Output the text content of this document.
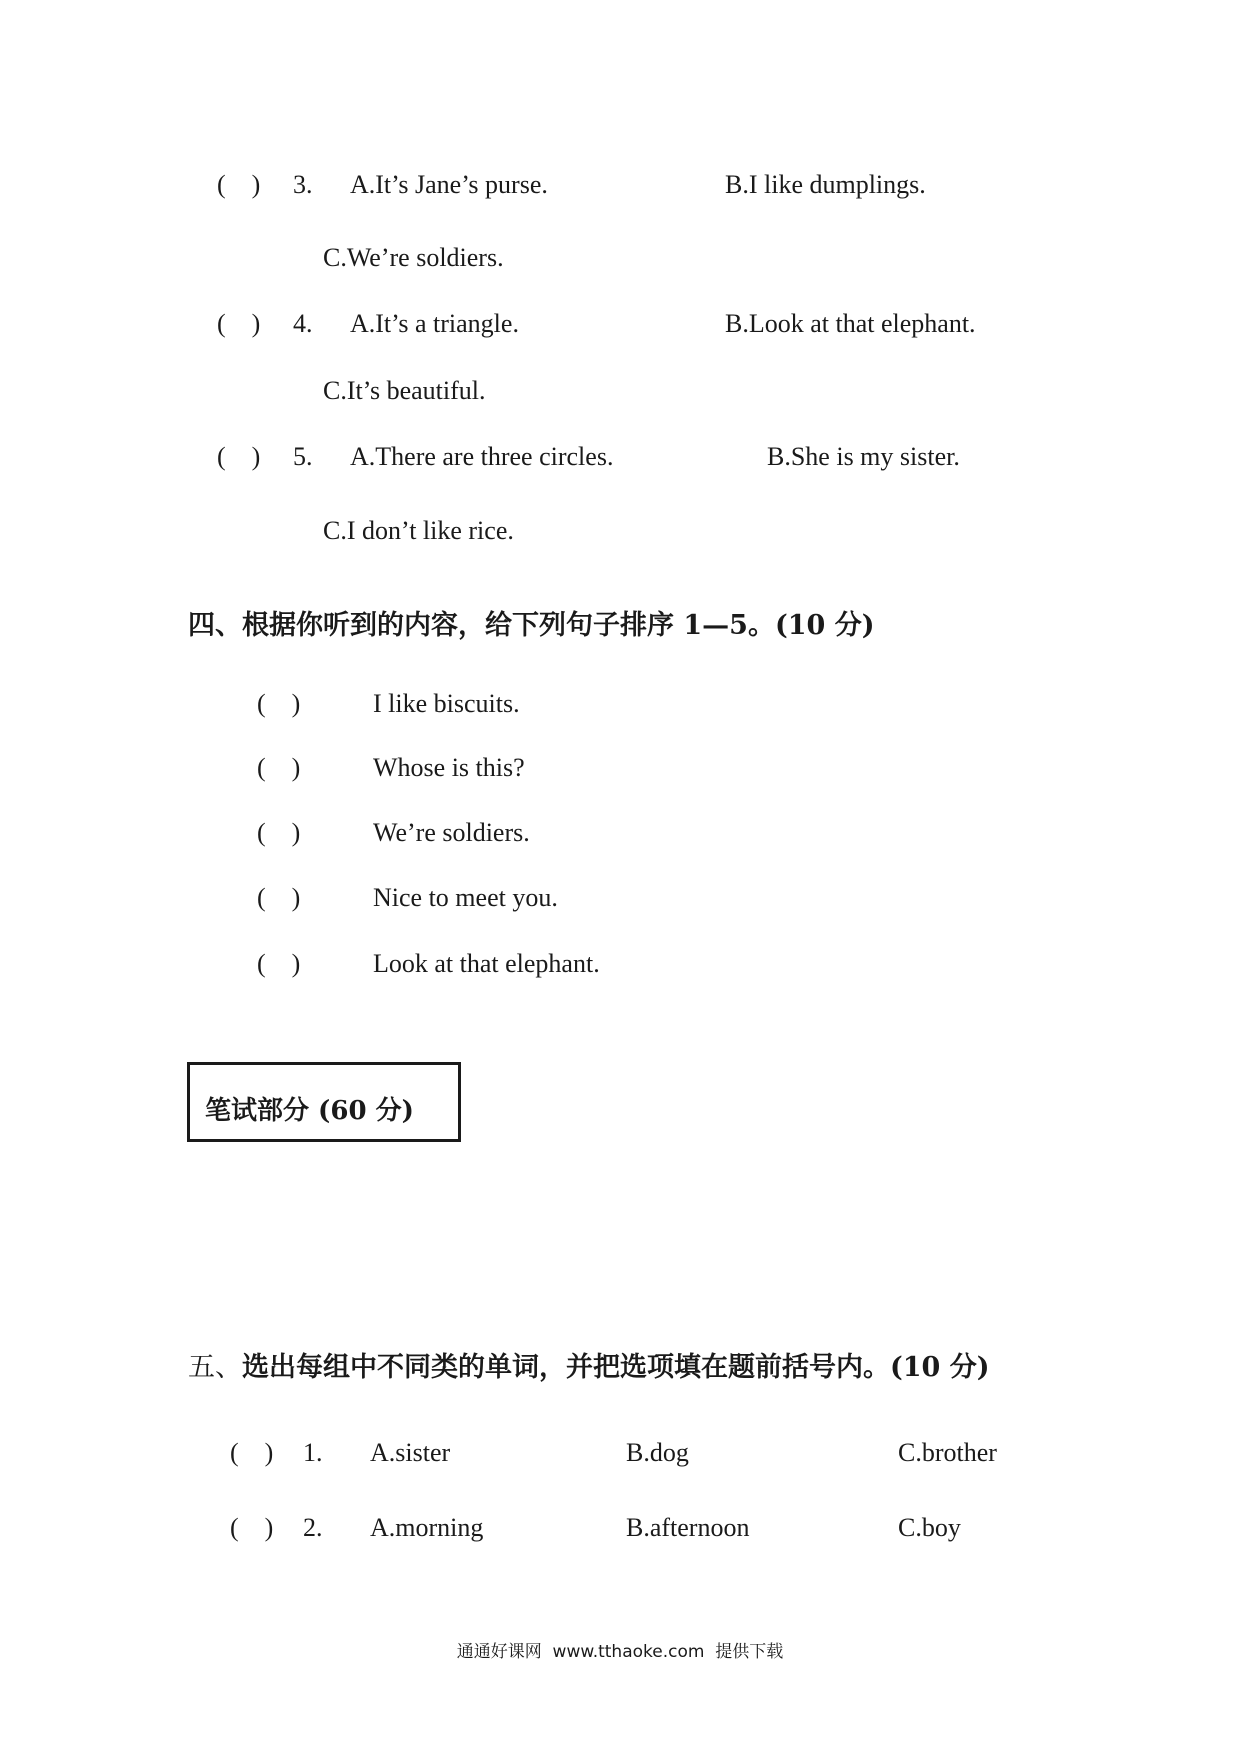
(　) 3. A.It’s Jane’s purse.	B.I like dumplings.
C.We’re soldiers.
(　) 4. A.It’s a triangle.	B.Look at that elephant.
C.It’s beautiful.
(　) 5. A.There are three circles.	B.She is my sister.
C.I don’t like rice.
四、根据你听到的内容，给下列句子排序 1—5。(10 分)
(　)	I like biscuits.
(　)	Whose is this?
(　)	We’re soldiers.
(　)	Nice to meet you.
(　)	Look at that elephant.
笔试部分 (60 分)
五、选出每组中不同类的单词，并把选项填在题前括号内。(10 分)
(　) 1. A.sister	B.dog	C.brother
(　) 2. A.morning	B.afternoon	C.boy
通通好课网  www.tthaoke.com  提供下载
